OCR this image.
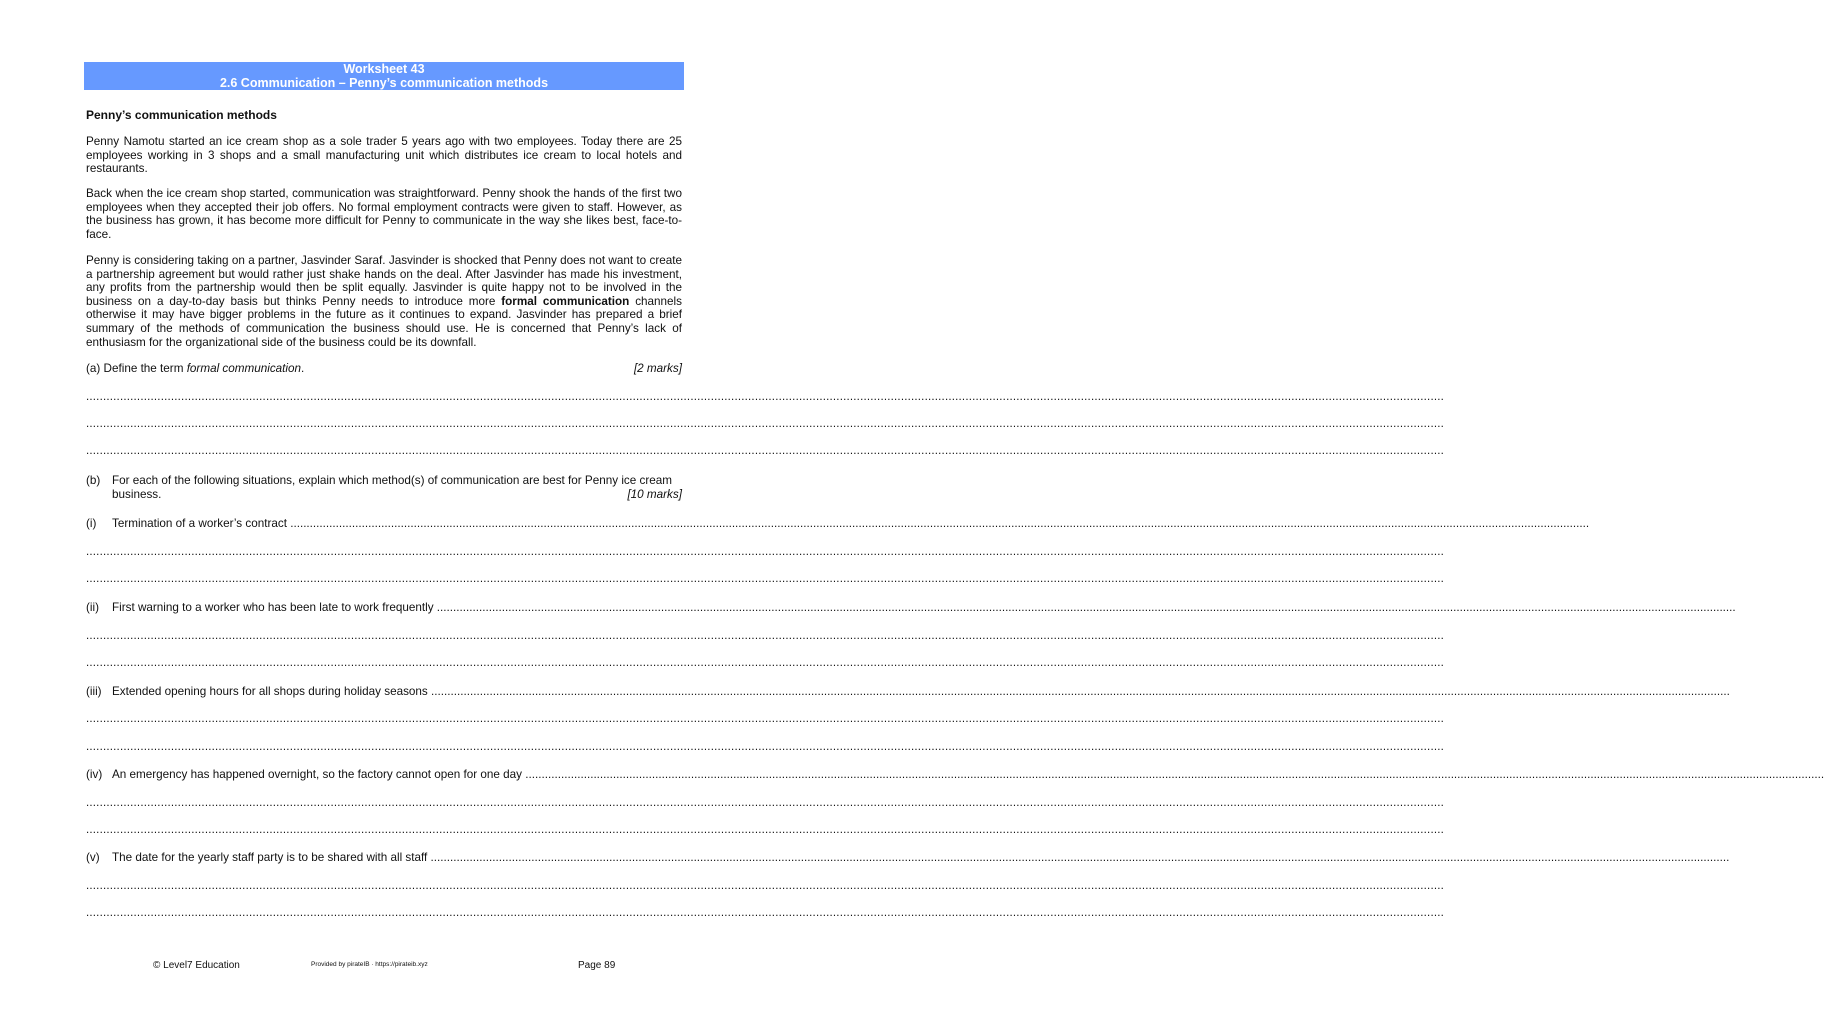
Worksheet 43
2.6 Communication – Penny’s communication methods
Penny’s communication methods
Penny Namotu started an ice cream shop as a sole trader 5 years ago with two employees. Today there are 25 employees working in 3 shops and a small manufacturing unit which distributes ice cream to local hotels and restaurants.
Back when the ice cream shop started, communication was straightforward. Penny shook the hands of the first two employees when they accepted their job offers. No formal employment contracts were given to staff. However, as the business has grown, it has become more difficult for Penny to communicate in the way she likes best, face-to-face.
Penny is considering taking on a partner, Jasvinder Saraf. Jasvinder is shocked that Penny does not want to create a partnership agreement but would rather just shake hands on the deal. After Jasvinder has made his investment, any profits from the partnership would then be split equally. Jasvinder is quite happy not to be involved in the business on a day-to-day basis but thinks Penny needs to introduce more formal communication channels otherwise it may have bigger problems in the future as it continues to expand. Jasvinder has prepared a brief summary of the methods of communication the business should use. He is concerned that Penny’s lack of enthusiasm for the organizational side of the business could be its downfall.
(a) Define the term formal communication.	[2 marks]
................................................................................................................................................................................................................................................................................................................................................................................................................
................................................................................................................................................................................................................................................................................................................................................................................................................
................................................................................................................................................................................................................................................................................................................................................................................................................
(b) For each of the following situations, explain which method(s) of communication are best for Penny ice cream business.	[10 marks]
(i) Termination of a worker’s contract ................................................................................................................................................................................................................................................................................................................................................................................................................
................................................................................................................................................................................................................................................................................................................................................................................................................
................................................................................................................................................................................................................................................................................................................................................................................................................
(ii) First warning to a worker who has been late to work frequently ................................................................................................................................................................................................................................................................................................................................................................................................................
................................................................................................................................................................................................................................................................................................................................................................................................................
................................................................................................................................................................................................................................................................................................................................................................................................................
(iii) Extended opening hours for all shops during holiday seasons ................................................................................................................................................................................................................................................................................................................................................................................................................
................................................................................................................................................................................................................................................................................................................................................................................................................
................................................................................................................................................................................................................................................................................................................................................................................................................
(iv) An emergency has happened overnight, so the factory cannot open for one day ................................................................................................................................................................................................................................................................................................................................................................................................................
................................................................................................................................................................................................................................................................................................................................................................................................................
................................................................................................................................................................................................................................................................................................................................................................................................................
(v) The date for the yearly staff party is to be shared with all staff ................................................................................................................................................................................................................................................................................................................................................................................................................
................................................................................................................................................................................................................................................................................................................................................................................................................
................................................................................................................................................................................................................................................................................................................................................................................................................
© Level7 Education	Provided by pirateIB · https://pirateib.xyz	Page 89
